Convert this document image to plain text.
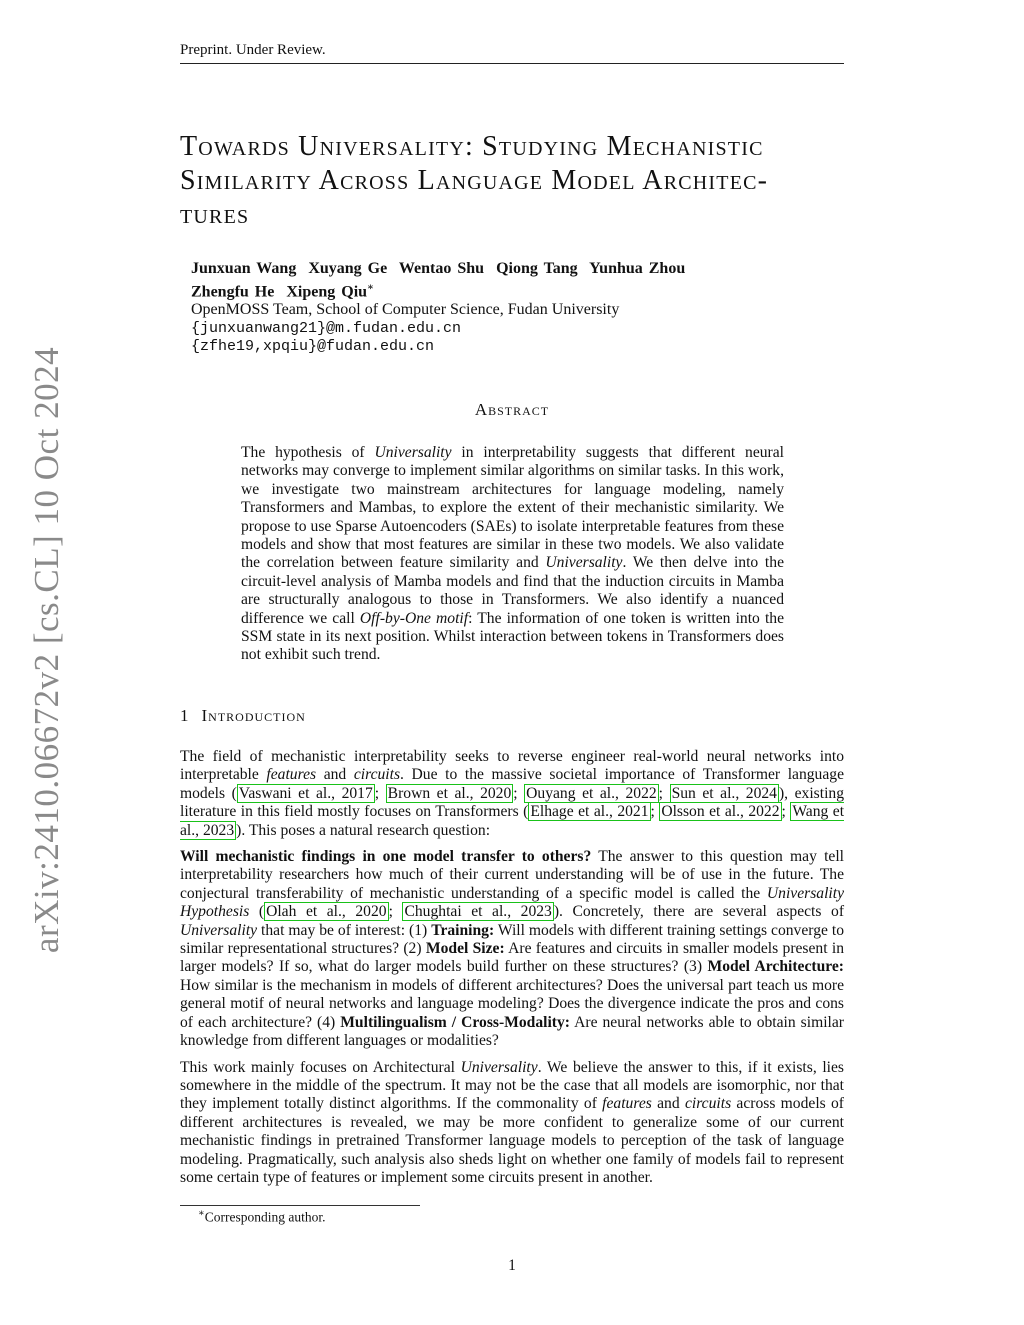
Preprint. Under Review.
arXiv:2410.06672v2 [cs.CL] 10 Oct 2024
Towards Universality: Studying Mechanistic
Similarity Across Language Model Architec-
tures
Junxuan Wang  Xuyang Ge  Wentao Shu  Qiong Tang  Yunhua Zhou
Zhengfu He  Xipeng Qiu∗
OpenMOSS Team, School of Computer Science, Fudan University
{junxuanwang21}@m.fudan.edu.cn
{zfhe19,xpqiu}@fudan.edu.cn
Abstract
The hypothesis of Universality in interpretability suggests that different neural networks may converge to implement similar algorithms on similar tasks. In this work, we investigate two mainstream architectures for language modeling, namely Transformers and Mambas, to explore the extent of their mechanistic similarity. We propose to use Sparse Autoencoders (SAEs) to isolate interpretable features from these models and show that most features are similar in these two models. We also validate the correlation between feature similarity and Universality. We then delve into the circuit-level analysis of Mamba models and find that the induction circuits in Mamba are structurally analogous to those in Transformers. We also identify a nuanced difference we call Off-by-One motif: The information of one token is written into the SSM state in its next position. Whilst interaction between tokens in Transformers does not exhibit such trend.
1 Introduction

The field of mechanistic interpretability seeks to reverse engineer real-world neural networks into interpretable features and circuits. Due to the massive societal importance of Transformer language models ( Vaswani et al., 2017 ; Brown et al., 2020 ; Ouyang et al., 2022 ; Sun et al., 2024 ), existing literature in this field mostly focuses on Transformers ( Elhage et al., 2021 ; Olsson et al., 2022 ; Wang et al., 2023 ). This poses a natural research question:

Will mechanistic findings in one model transfer to others? The answer to this question may tell interpretability researchers how much of their current understanding will be of use in the future. The conjectural transferability of mechanistic understanding of a specific model is called the Universality Hypothesis ( Olah et al., 2020 ; Chughtai et al., 2023 ). Concretely, there are several aspects of Universality that may be of interest: (1) Training: Will models with different training settings converge to similar representational structures? (2) Model Size: Are features and circuits in smaller models present in larger models? If so, what do larger models build further on these structures? (3) Model Architecture: How similar is the mechanism in models of different architectures? Does the universal part teach us more general motif of neural networks and language modeling? Does the divergence indicate the pros and cons of each architecture? (4) Multilingualism / Cross-Modality: Are neural networks able to obtain similar knowledge from different languages or modalities?

This work mainly focuses on Architectural Universality. We believe the answer to this, if it exists, lies somewhere in the middle of the spectrum. It may not be the case that all models are isomorphic, nor that they implement totally distinct algorithms. If the commonality of features and circuits across models of different architectures is revealed, we may be more confident to generalize some of our current mechanistic findings in pretrained Transformer language models to perception of the task of language modeling. Pragmatically, such analysis also sheds light on whether one family of models fail to represent some certain type of features or implement some circuits present in another.

∗Corresponding author.
1
